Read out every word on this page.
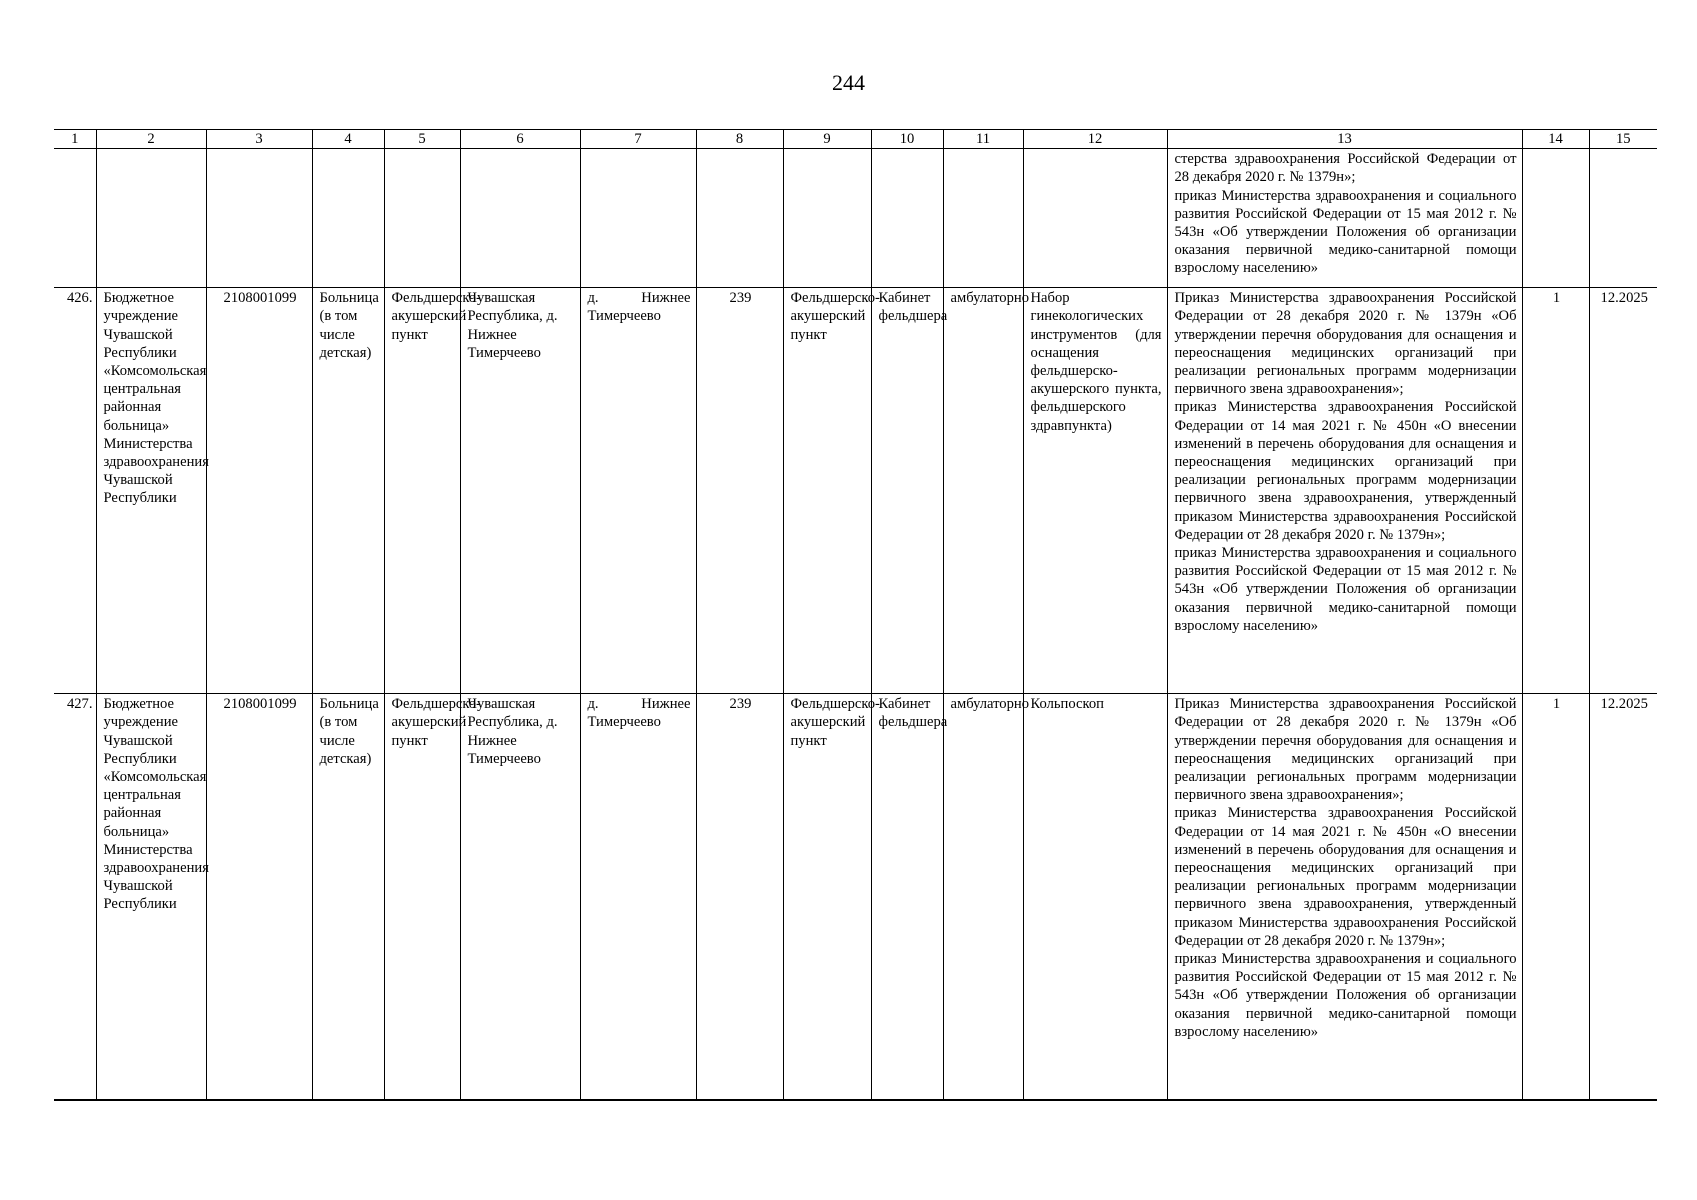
244
1	2	3	4	5	6	7	8	9	10	11	12	13	14	15
												стерства здравоохранения Российской Федерации от 28 декабря 2020 г. № 1379н»;
приказ Министерства здравоохранения и социального развития Российской Федерации от 15 мая 2012 г. № 543н «Об утверждении Положения об организации оказания первичной медико-санитарной помощи взрослому населению»		
426.	Бюджетное учреждение Чувашской Республики «Комсомольская центральная районная больница» Министерства здравоохранения Чувашской Республики	2108001099	Больница (в том числе детская)	Фельдшерско-акушерский пункт	Чувашская Республика, д. Нижнее Тимерчеево	д. Нижнее Тимерчеево	239	Фельдшерско-акушерский пункт	Кабинет фельдшера	амбулаторно	Набор гинекологических инструментов (для оснащения фельдшерско-акушерского пункта, фельдшерского здравпункта)	Приказ Министерства здравоохранения Российской Федерации от 28 декабря 2020 г. № 1379н «Об утверждении перечня оборудования для оснащения и переоснащения медицинских организаций при реализации региональных программ модернизации первичного звена здравоохранения»;
приказ Министерства здравоохранения Российской Федерации от 14 мая 2021 г. № 450н «О внесении изменений в перечень оборудования для оснащения и переоснащения медицинских организаций при реализации региональных программ модернизации первичного звена здравоохранения, утвержденный приказом Министерства здравоохранения Российской Федерации от 28 декабря 2020 г. № 1379н»;
приказ Министерства здравоохранения и социального развития Российской Федерации от 15 мая 2012 г. № 543н «Об утверждении Положения об организации оказания первичной медико-санитарной помощи взрослому населению»	1	12.2025
427.	Бюджетное учреждение Чувашской Республики «Комсомольская центральная районная больница» Министерства здравоохранения Чувашской Республики	2108001099	Больница (в том числе детская)	Фельдшерско-акушерский пункт	Чувашская Республика, д. Нижнее Тимерчеево	д. Нижнее Тимерчеево	239	Фельдшерско-акушерский пункт	Кабинет фельдшера	амбулаторно	Кольпоскоп	Приказ Министерства здравоохранения Российской Федерации от 28 декабря 2020 г. № 1379н «Об утверждении перечня оборудования для оснащения и переоснащения медицинских организаций при реализации региональных программ модернизации первичного звена здравоохранения»;
приказ Министерства здравоохранения Российской Федерации от 14 мая 2021 г. № 450н «О внесении изменений в перечень оборудования для оснащения и переоснащения медицинских организаций при реализации региональных программ модернизации первичного звена здравоохранения, утвержденный приказом Министерства здравоохранения Российской Федерации от 28 декабря 2020 г. № 1379н»;
приказ Министерства здравоохранения и социального развития Российской Федерации от 15 мая 2012 г. № 543н «Об утверждении Положения об организации оказания первичной медико-санитарной помощи взрослому населению»	1	12.2025
